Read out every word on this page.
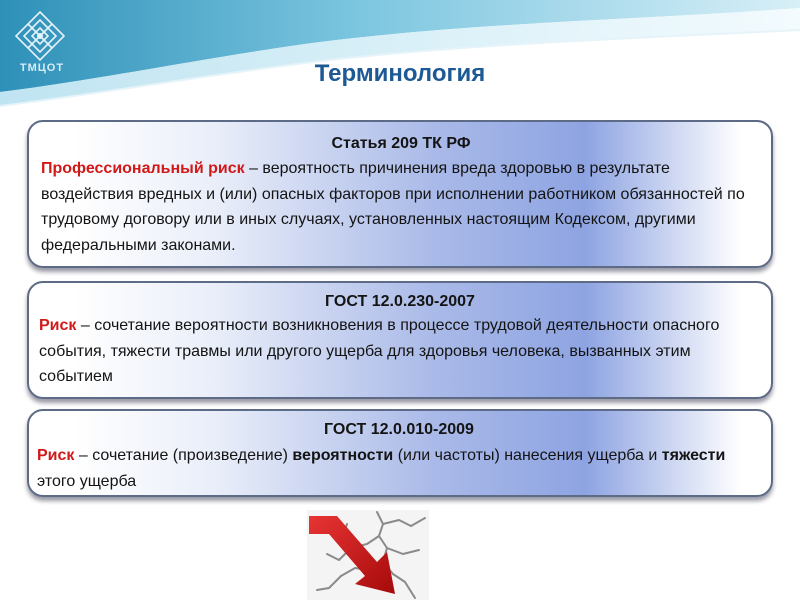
ТМЦОТ	Терминология
Статья 209 ТК РФ
Профессиональный риск – вероятность причинения вреда здоровью в результате воздействия вредных и (или) опасных факторов при исполнении работником обязанностей по трудовому договору или в иных случаях, установленных настоящим Кодексом, другими федеральными законами.
ГОСТ 12.0.230-2007
Риск – сочетание вероятности возникновения в процессе трудовой деятельности опасного события, тяжести травмы или другого ущерба для здоровья человека, вызванных этим событием
ГОСТ 12.0.010-2009
Риск – сочетание (произведение) вероятности (или частоты) нанесения ущерба и тяжести этого ущерба
